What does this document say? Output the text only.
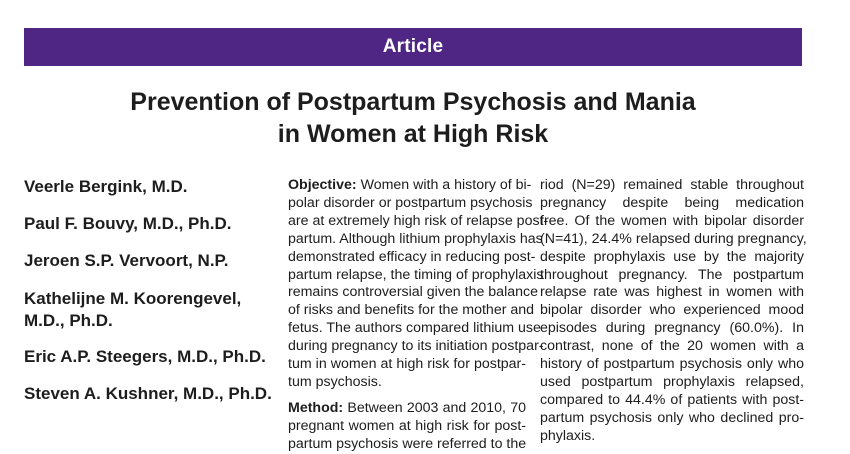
Article
Prevention of Postpartum Psychosis and Mania
in Women at High Risk
Veerle Bergink, M.D.
Paul F. Bouvy, M.D., Ph.D.
Jeroen S.P. Vervoort, N.P.
Kathelijne M. Koorengevel,
M.D., Ph.D.
Eric A.P. Steegers, M.D., Ph.D.
Steven A. Kushner, M.D., Ph.D.
Objective: Women with a history of bi-
polar disorder or postpartum psychosis
are at extremely high risk of relapse post-
partum. Although lithium prophylaxis has
demonstrated efficacy in reducing post-
partum relapse, the timing of prophylaxis
remains controversial given the balance
of risks and benefits for the mother and
fetus. The authors compared lithium use
during pregnancy to its initiation postpar-
tum in women at high risk for postpar-
tum psychosis.
Method: Between 2003 and 2010, 70
pregnant women at high risk for post-
partum psychosis were referred to the
riod (N=29) remained stable throughout
pregnancy despite being medication
free. Of the women with bipolar disorder
(N=41), 24.4% relapsed during pregnancy,
despite prophylaxis use by the majority
throughout pregnancy. The postpartum
relapse rate was highest in women with
bipolar disorder who experienced mood
episodes during pregnancy (60.0%). In
contrast, none of the 20 women with a
history of postpartum psychosis only who
used postpartum prophylaxis relapsed,
compared to 44.4% of patients with post-
partum psychosis only who declined pro-
phylaxis.
